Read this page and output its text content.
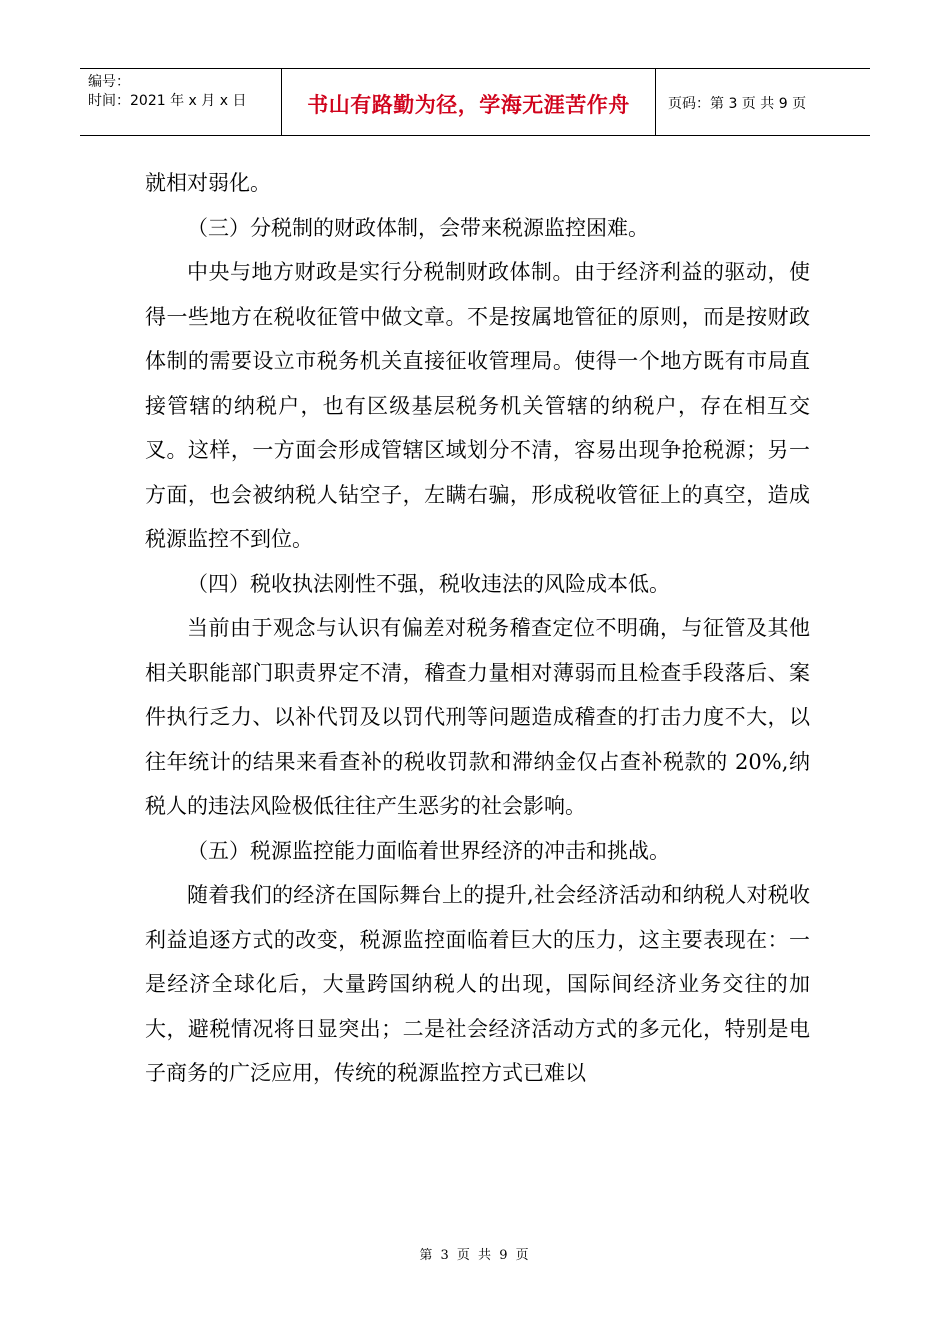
编号：
时间：2021 年 x 月 x 日	书山有路勤为径，学海无涯苦作舟	页码：第 3 页 共 9 页

就相对弱化。

（三）分税制的财政体制，会带来税源监控困难。

中央与地方财政是实行分税制财政体制。由于经济利益的驱动，使得一些地方在税收征管中做文章。不是按属地管征的原则，而是按财政体制的需要设立市税务机关直接征收管理局。使得一个地方既有市局直接管辖的纳税户，也有区级基层税务机关管辖的纳税户，存在相互交叉。这样，一方面会形成管辖区域划分不清，容易出现争抢税源；另一方面，也会被纳税人钻空子，左瞒右骗，形成税收管征上的真空，造成税源监控不到位。

（四）税收执法刚性不强，税收违法的风险成本低。

当前由于观念与认识有偏差对税务稽查定位不明确，与征管及其他相关职能部门职责界定不清，稽查力量相对薄弱而且检查手段落后、案件执行乏力、以补代罚及以罚代刑等问题造成稽查的打击力度不大，以往年统计的结果来看查补的税收罚款和滞纳金仅占查补税款的 20%,纳税人的违法风险极低往往产生恶劣的社会影响。

（五）税源监控能力面临着世界经济的冲击和挑战。

随着我们的经济在国际舞台上的提升,社会经济活动和纳税人对税收利益追逐方式的改变，税源监控面临着巨大的压力，这主要表现在：一是经济全球化后，大量跨国纳税人的出现，国际间经济业务交往的加大，避税情况将日显突出；二是社会经济活动方式的多元化，特别是电子商务的广泛应用，传统的税源监控方式已难以

第 3 页 共 9 页
